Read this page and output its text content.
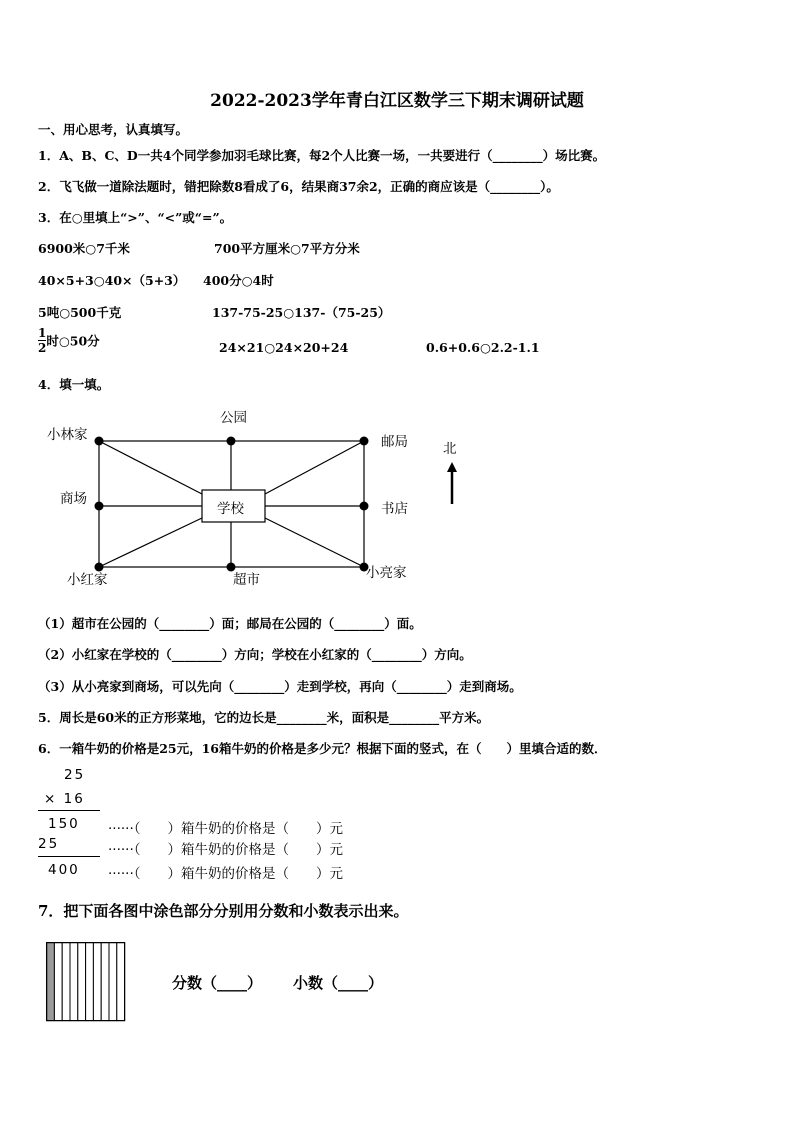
2022-2023学年青白江区数学三下期末调研试题
一、用心思考，认真填写。
1．A、B、C、D一共4个同学参加羽毛球比赛，每2个人比赛一场，一共要进行（________）场比赛。
2．飞飞做一道除法题时，错把除数8看成了6，结果商37余2，正确的商应该是（________）。
3．在○里填上“>”、“<”或“=”。
6900米○7千米	700平方厘米○7平方分米
40×5+3○40×（5+3） 400分○4时
5吨○500千克	137-75-25○137-（75-25）
$\frac{1}{2}$ 时○50分	24×21○24×20+24	0.6+0.6○2.2-1.1
4．填一填。
小林家
公园
邮局	北
商场
学校	书店
小红家	超市	小亮家
（1）超市在公园的（________）面；邮局在公园的（________）面。
（2）小红家在学校的（________）方向；学校在小红家的（________）方向。
（3）从小亮家到商场，可以先向（________）走到学校，再向（________）走到商场。
5．周长是60米的正方形菜地，它的边长是________米，面积是________平方米。
6．一箱牛奶的价格是25元，16箱牛奶的价格是多少元？根据下面的竖式，在（　　）里填合适的数．
25
× 16
150 ······（　　）箱牛奶的价格是（　　）元
25	······（　　）箱牛奶的价格是（　　）元
400 ······（　　）箱牛奶的价格是（　　）元
7．把下面各图中涂色部分分别用分数和小数表示出来。
分数（____） 小数（____）
